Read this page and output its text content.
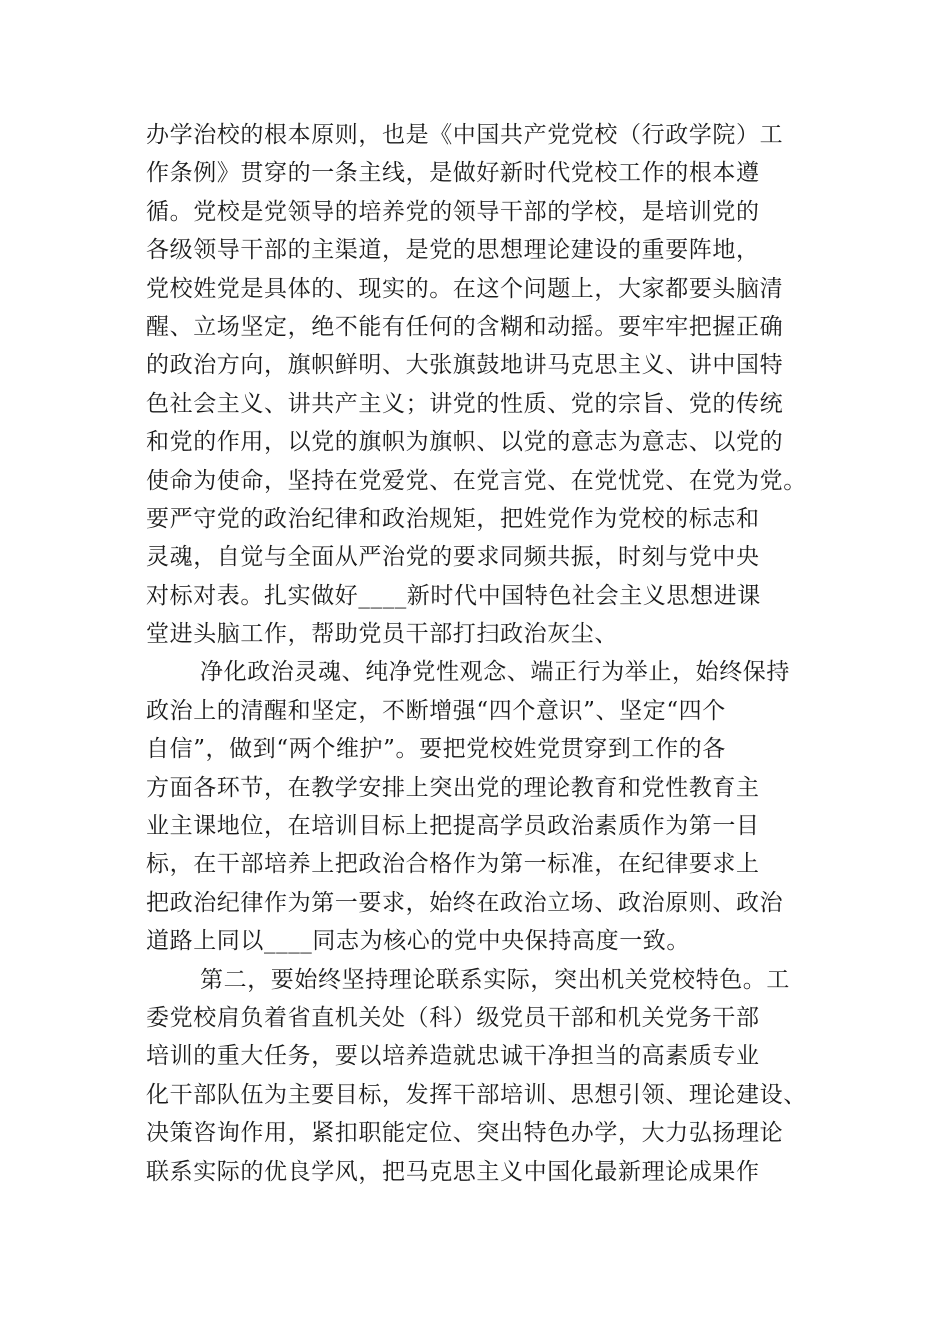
办学治校的根本原则，也是《中国共产党党校（行政学院）工
作条例》贯穿的一条主线，是做好新时代党校工作的根本遵
循。党校是党领导的培养党的领导干部的学校，是培训党的
各级领导干部的主渠道，是党的思想理论建设的重要阵地，
党校姓党是具体的、现实的。在这个问题上，大家都要头脑清
醒、立场坚定，绝不能有任何的含糊和动摇。要牢牢把握正确
的政治方向，旗帜鲜明、大张旗鼓地讲马克思主义、讲中国特
色社会主义、讲共产主义；讲党的性质、党的宗旨、党的传统
和党的作用，以党的旗帜为旗帜、以党的意志为意志、以党的
使命为使命，坚持在党爱党、在党言党、在党忧党、在党为党。
要严守党的政治纪律和政治规矩，把姓党作为党校的标志和
灵魂，自觉与全面从严治党的要求同频共振，时刻与党中央
对标对表。扎实做好____新时代中国特色社会主义思想进课
堂进头脑工作，帮助党员干部打扫政治灰尘、
净化政治灵魂、纯净党性观念、端正行为举止，始终保持
政治上的清醒和坚定，不断增强“四个意识”、坚定“四个
自信”，做到“两个维护”。要把党校姓党贯穿到工作的各
方面各环节，在教学安排上突出党的理论教育和党性教育主
业主课地位，在培训目标上把提高学员政治素质作为第一目
标，在干部培养上把政治合格作为第一标准，在纪律要求上
把政治纪律作为第一要求，始终在政治立场、政治原则、政治
道路上同以____同志为核心的党中央保持高度一致。
第二，要始终坚持理论联系实际，突出机关党校特色。工
委党校肩负着省直机关处（科）级党员干部和机关党务干部
培训的重大任务，要以培养造就忠诚干净担当的高素质专业
化干部队伍为主要目标，发挥干部培训、思想引领、理论建设、
决策咨询作用，紧扣职能定位、突出特色办学，大力弘扬理论
联系实际的优良学风，把马克思主义中国化最新理论成果作
